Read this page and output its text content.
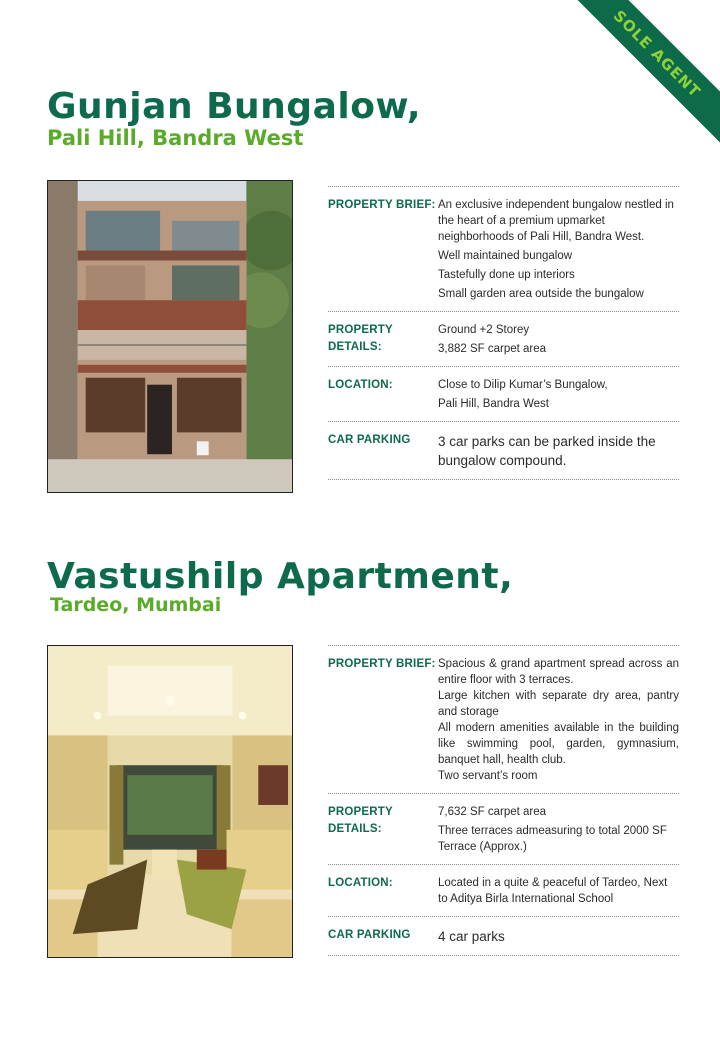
SOLE AGENT
Gunjan Bungalow,
Pali Hill, Bandra West
PROPERTY BRIEF: An exclusive independent bungalow nestled in the heart of a premium upmarket neighborhoods of Pali Hill, Bandra West.

Well maintained bungalow

Tastefully done up interiors

Small garden area outside the bungalow

PROPERTY DETAILS:

Ground +2 Storey

3,882 SF carpet area

LOCATION:	Close to Dilip Kumar’s Bungalow,

Pali Hill, Bandra West

CAR PARKING	3 car parks can be parked inside the bungalow compound.

Vastushilp Apartment,
Tardeo, Mumbai
PROPERTY BRIEF: Spacious & grand apartment spread across an entire floor with 3 terraces.

Large kitchen with separate dry area, pantry and storage

All modern amenities available in the building like swimming pool, garden, gymnasium, banquet hall, health club.

Two servant’s room

PROPERTY DETAILS:

7,632 SF carpet area

Three terraces admeasuring to total 2000 SF Terrace (Approx.)

LOCATION:	Located in a quite & peaceful of Tardeo, Next to Aditya Birla International School

CAR PARKING	4 car parks
